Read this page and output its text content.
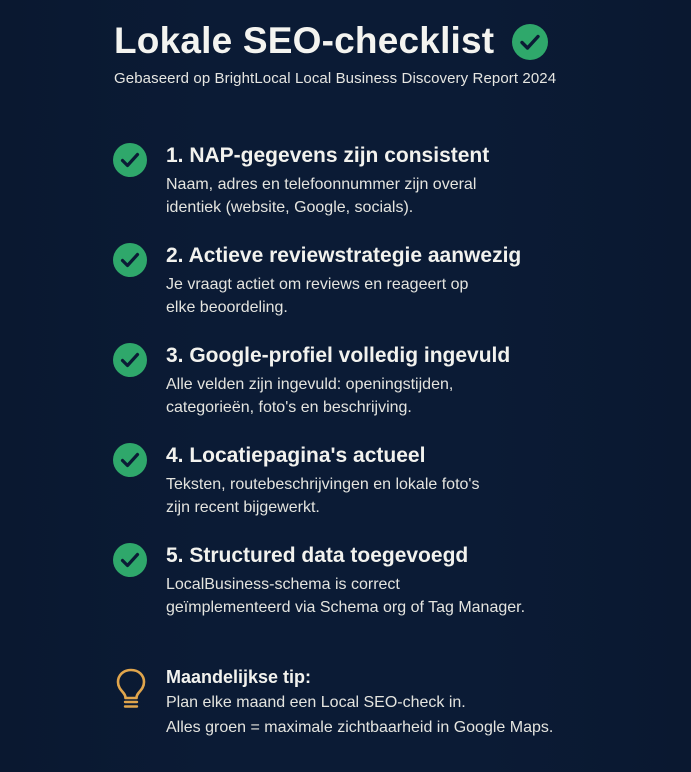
Lokale SEO-checklist
Gebaseerd op BrightLocal Local Business Discovery Report 2024
1. NAP-gegevens zijn consistent
Naam, adres en telefoonnummer zijn overal
identiek (website, Google, socials).
2. Actieve reviewstrategie aanwezig
Je vraagt actiet om reviews en reageert op
elke beoordeling.
3. Google-profiel volledig ingevuld
Alle velden zijn ingevuld: openingstijden,
categorieën, foto's en beschrijving.
4. Locatiepagina's actueel
Teksten, routebeschrijvingen en lokale foto's
zijn recent bijgewerkt.
5. Structured data toegevoegd
LocalBusiness-schema is correct
geïmplementeerd via Schema org of Tag Manager.
Maandelijkse tip:
Plan elke maand een Local SEO-check in.
Alles groen = maximale zichtbaarheid in Google Maps.
